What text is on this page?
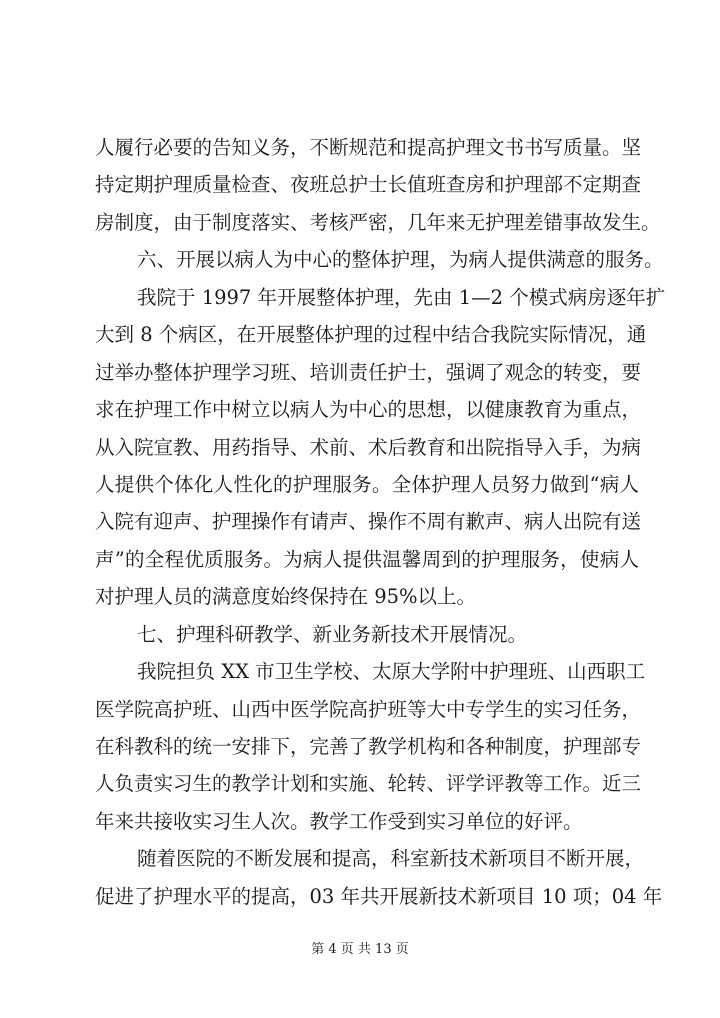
人履行必要的告知义务，不断规范和提高护理文书书写质量。坚
持定期护理质量检查、夜班总护士长值班查房和护理部不定期查
房制度，由于制度落实、考核严密，几年来无护理差错事故发生。
六、开展以病人为中心的整体护理，为病人提供满意的服务。
我院于 1997 年开展整体护理，先由 1—2 个模式病房逐年扩
大到 8 个病区，在开展整体护理的过程中结合我院实际情况，通
过举办整体护理学习班、培训责任护士，强调了观念的转变，要
求在护理工作中树立以病人为中心的思想，以健康教育为重点，
从入院宣教、用药指导、术前、术后教育和出院指导入手，为病
人提供个体化人性化的护理服务。全体护理人员努力做到“病人
入院有迎声、护理操作有请声、操作不周有歉声、病人出院有送
声”的全程优质服务。为病人提供温馨周到的护理服务，使病人
对护理人员的满意度始终保持在 95%以上。
七、护理科研教学、新业务新技术开展情况。
我院担负 XX 市卫生学校、太原大学附中护理班、山西职工
医学院高护班、山西中医学院高护班等大中专学生的实习任务，
在科教科的统一安排下，完善了教学机构和各种制度，护理部专
人负责实习生的教学计划和实施、轮转、评学评教等工作。近三
年来共接收实习生人次。教学工作受到实习单位的好评。
随着医院的不断发展和提高，科室新技术新项目不断开展，
促进了护理水平的提高，03 年共开展新技术新项目 10 项；04 年
第 4 页 共 13 页
